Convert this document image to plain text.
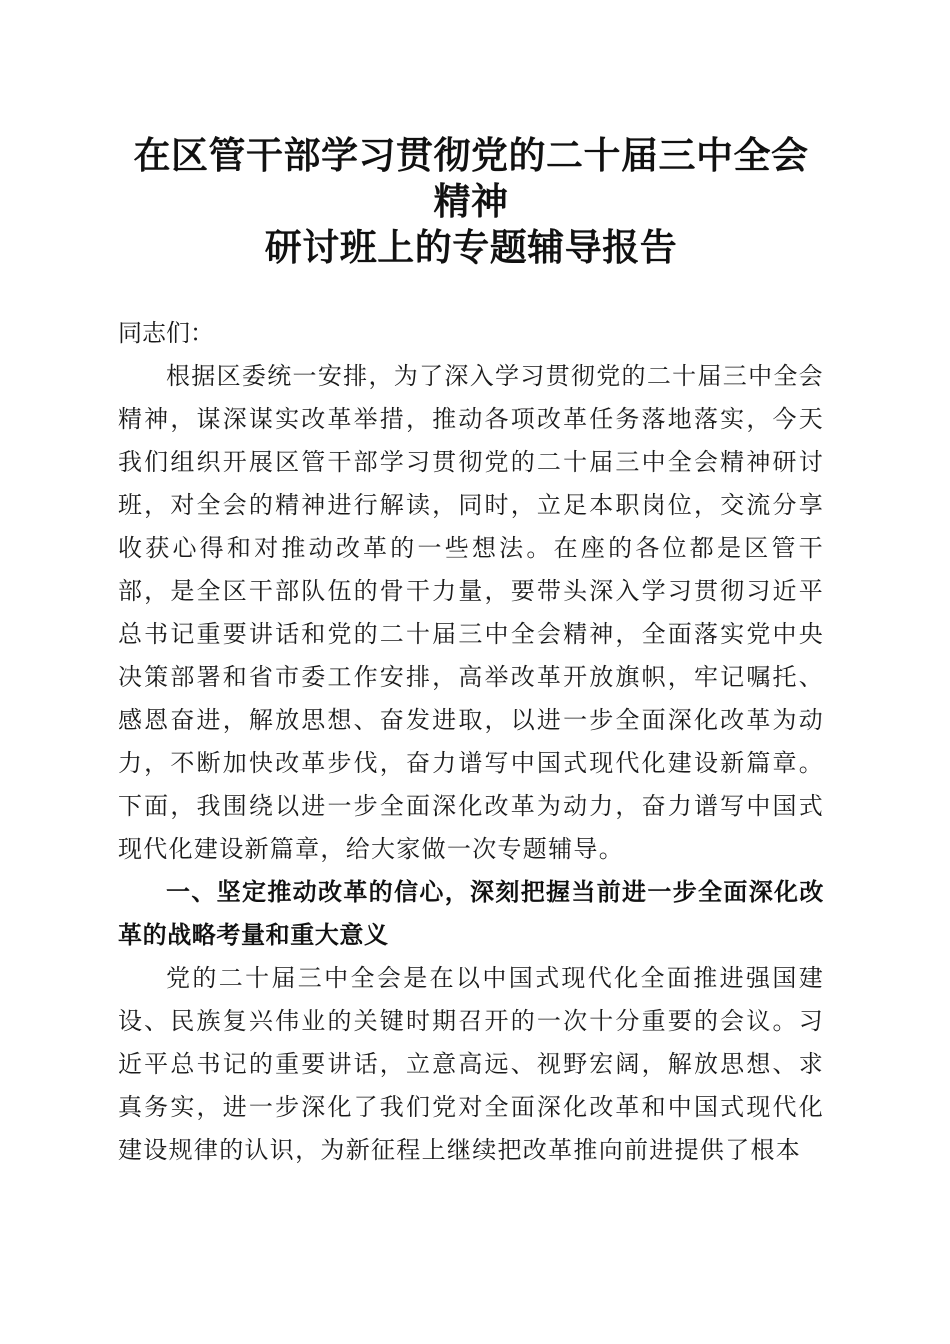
在区管干部学习贯彻党的二十届三中全会精神
研讨班上的专题辅导报告

同志们：

根据区委统一安排，为了深入学习贯彻党的二十届三中全会精神，谋深谋实改革举措，推动各项改革任务落地落实，今天我们组织开展区管干部学习贯彻党的二十届三中全会精神研讨班，对全会的精神进行解读，同时，立足本职岗位，交流分享收获心得和对推动改革的一些想法。在座的各位都是区管干部，是全区干部队伍的骨干力量，要带头深入学习贯彻习近平总书记重要讲话和党的二十届三中全会精神，全面落实党中央决策部署和省市委工作安排，高举改革开放旗帜，牢记嘱托、感恩奋进，解放思想、奋发进取，以进一步全面深化改革为动力，不断加快改革步伐，奋力谱写中国式现代化建设新篇章。下面，我围绕以进一步全面深化改革为动力，奋力谱写中国式现代化建设新篇章，给大家做一次专题辅导。

一、坚定推动改革的信心，深刻把握当前进一步全面深化改革的战略考量和重大意义

党的二十届三中全会是在以中国式现代化全面推进强国建设、民族复兴伟业的关键时期召开的一次十分重要的会议。习近平总书记的重要讲话，立意高远、视野宏阔，解放思想、求真务实，进一步深化了我们党对全面深化改革和中国式现代化建设规律的认识，为新征程上继续把改革推向前进提供了根本
